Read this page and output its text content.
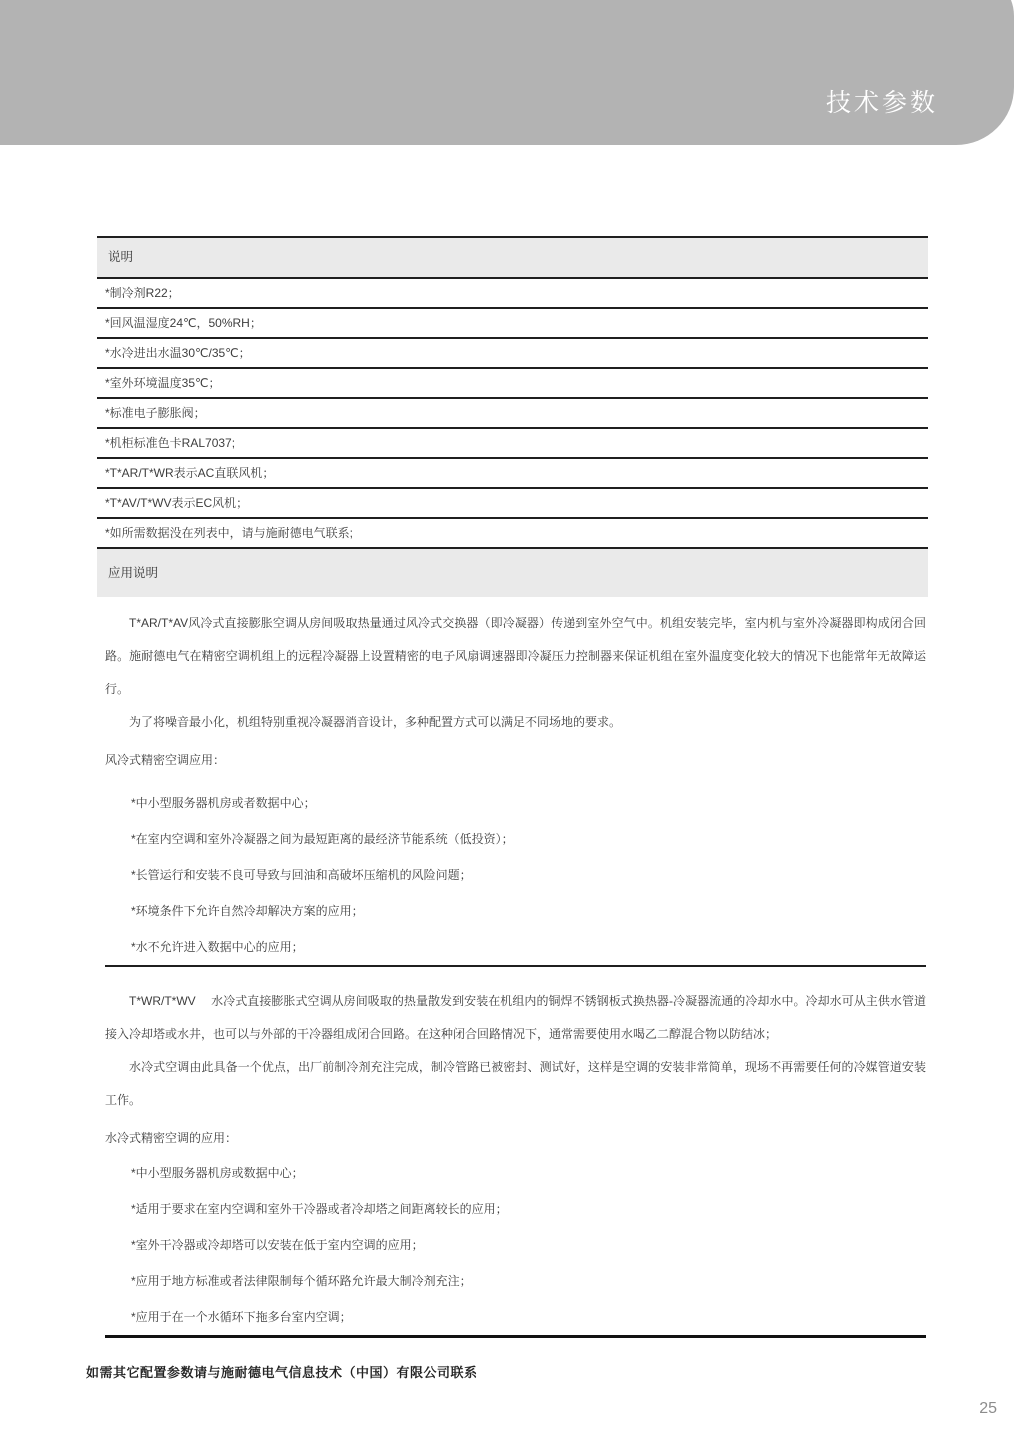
技术参数
说明
*制冷剂R22；
*回风温湿度24℃，50%RH；
*水冷进出水温30℃/35℃；
*室外环境温度35℃；
*标准电子膨胀阀；
*机柜标准色卡RAL7037;
*T*AR/T*WR表示AC直联风机；
*T*AV/T*WV表示EC风机；
*如所需数据没在列表中，请与施耐德电气联系;
应用说明

T*AR/T*AV风冷式直接膨胀空调从房间吸取热量通过风冷式交换器（即冷凝器）传递到室外空气中。机组安装完毕，室内机与室外冷凝器即构成闭合回路。施耐德电气在精密空调机组上的远程冷凝器上设置精密的电子风扇调速器即冷凝压力控制器来保证机组在室外温度变化较大的情况下也能常年无故障运行。

为了将噪音最小化，机组特别重视冷凝器消音设计，多种配置方式可以满足不同场地的要求。

风冷式精密空调应用：
*中小型服务器机房或者数据中心；
*在室内空调和室外冷凝器之间为最短距离的最经济节能系统（低投资）；
*长管运行和安装不良可导致与回油和高破坏压缩机的风险问题；
*环境条件下允许自然冷却解决方案的应用；
*水不允许进入数据中心的应用；

T*WR/T*WV　 水冷式直接膨胀式空调从房间吸取的热量散发到安装在机组内的铜焊不锈钢板式换热器-冷凝器流通的冷却水中。冷却水可从主供水管道接入冷却塔或水井，也可以与外部的干冷器组成闭合回路。在这种闭合回路情况下，通常需要使用水喝乙二醇混合物以防结冰；

水冷式空调由此具备一个优点，出厂前制冷剂充注完成，制冷管路已被密封、测试好，这样是空调的安装非常简单，现场不再需要任何的冷媒管道安装工作。

水冷式精密空调的应用：
*中小型服务器机房或数据中心；
*适用于要求在室内空调和室外干冷器或者冷却塔之间距离较长的应用；
*室外干冷器或冷却塔可以安装在低于室内空调的应用；
*应用于地方标准或者法律限制每个循环路允许最大制冷剂充注；
*应用于在一个水循环下拖多台室内空调；
如需其它配置参数请与施耐德电气信息技术（中国）有限公司联系
25
